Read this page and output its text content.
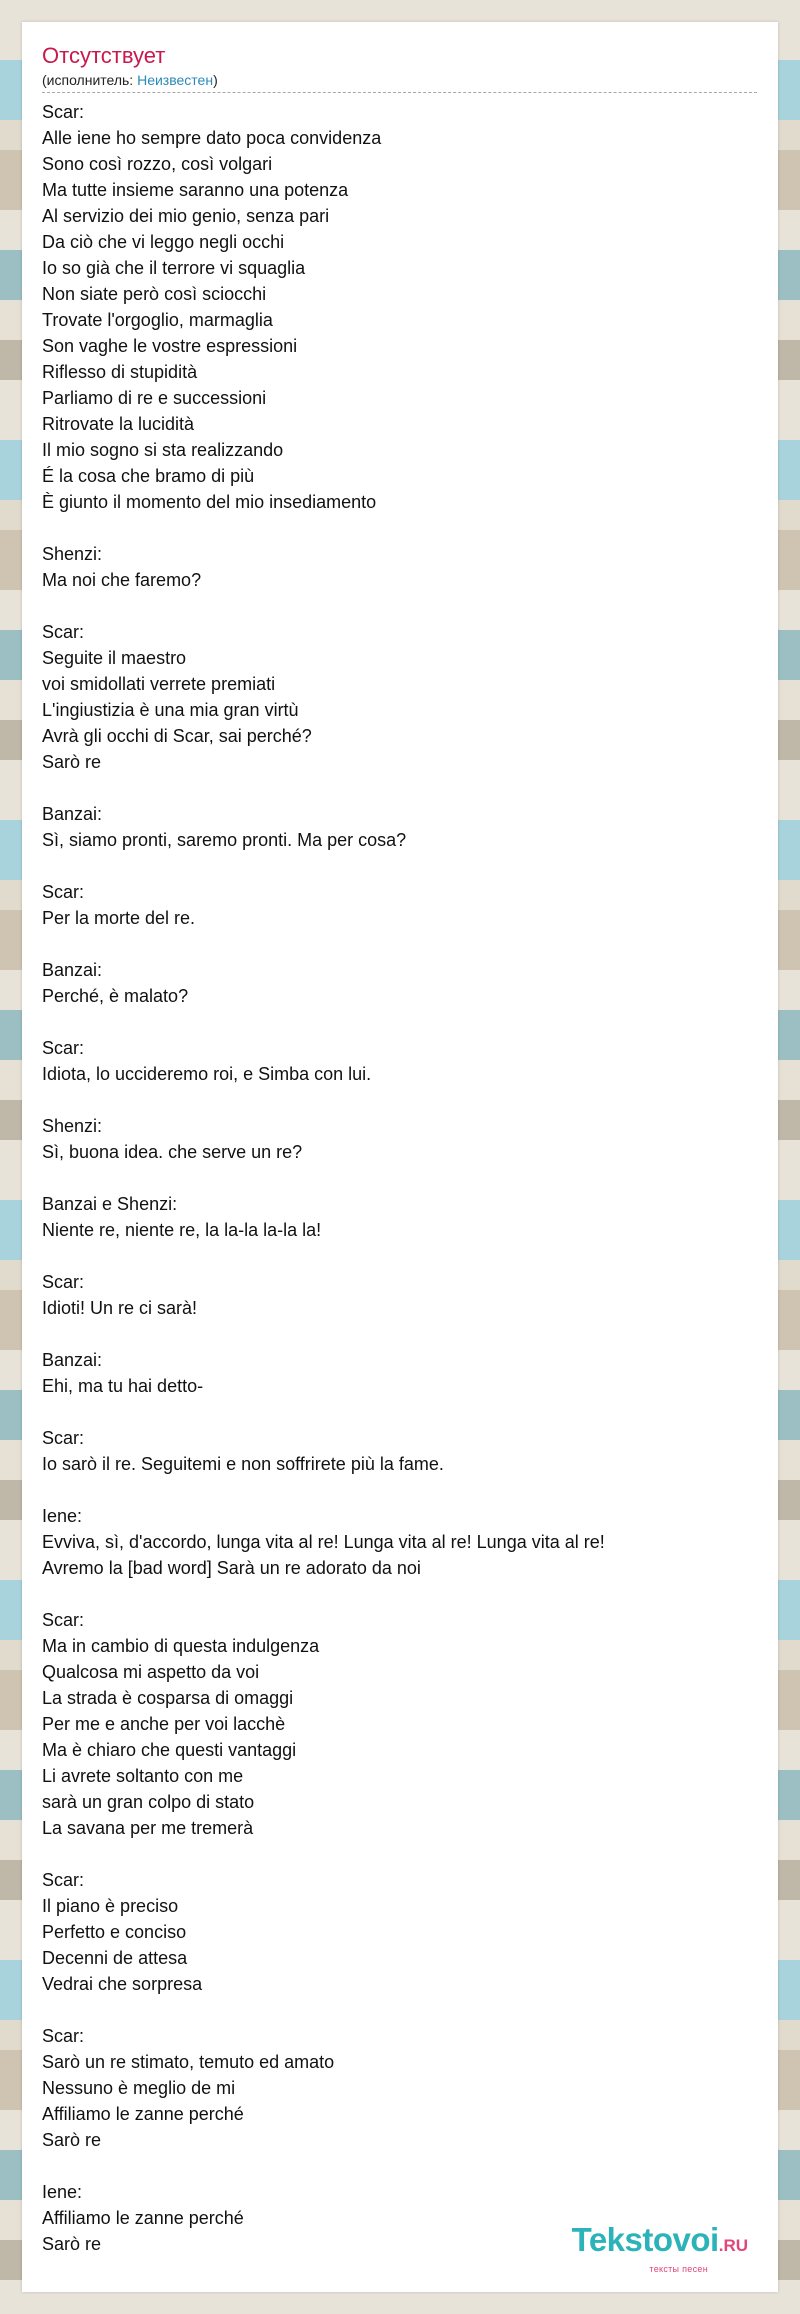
Отсутствует
(исполнитель: Неизвестен)
Scar:
Alle iene ho sempre dato poca convidenza
Sono così rozzo, così volgari
Ma tutte insieme saranno una potenza
Al servizio dei mio genio, senza pari
Da ciò che vi leggo negli occhi
Io so già che il terrore vi squaglia
Non siate però così sciocchi
Trovate l'orgoglio, marmaglia
Son vaghe le vostre espressioni
Riflesso di stupidità
Parliamo di re e successioni
Ritrovate la lucidità
Il mio sogno si sta realizzando
É la cosa che bramo di più
È giunto il momento del mio insediamento
Shenzi:
Ma noi che faremo?
Scar:
Seguite il maestro
voi smidollati verrete premiati
L'ingiustizia è una mia gran virtù
Avrà gli occhi di Scar, sai perché?
Sarò re
Banzai:
Sì, siamo pronti, saremo pronti. Ma per cosa?
Scar:
Per la morte del re.
Banzai:
Perché, è malato?
Scar:
Idiota, lo uccideremo roi, e Simba con lui.
Shenzi:
Sì, buona idea. che serve un re?
Banzai e Shenzi:
Niente re, niente re, la la-la la-la la!
Scar:
Idioti! Un re ci sarà!
Banzai:
Ehi, ma tu hai detto-
Scar:
Io sarò il re. Seguitemi e non soffrirete più la fame.
Iene:
Evviva, sì, d'accordo, lunga vita al re! Lunga vita al re! Lunga vita al re!
Avremo la [bad word] Sarà un re adorato da noi
Scar:
Ma in cambio di questa indulgenza
Qualcosa mi aspetto da voi
La strada è cosparsa di omaggi
Per me e anche per voi lacchè
Ma è chiaro che questi vantaggi
Li avrete soltanto con me
sarà un gran colpo di stato
La savana per me tremerà
Scar:
Il piano è preciso
Perfetto e conciso
Decenni de attesa
Vedrai che sorpresa
Scar:
Sarò un re stimato, temuto ed amato
Nessuno è meglio de mi
Affiliamo le zanne perché
Sarò re
Iene:
Affiliamo le zanne perché
Sarò re	Tekstovoi.RU
тексты песен
